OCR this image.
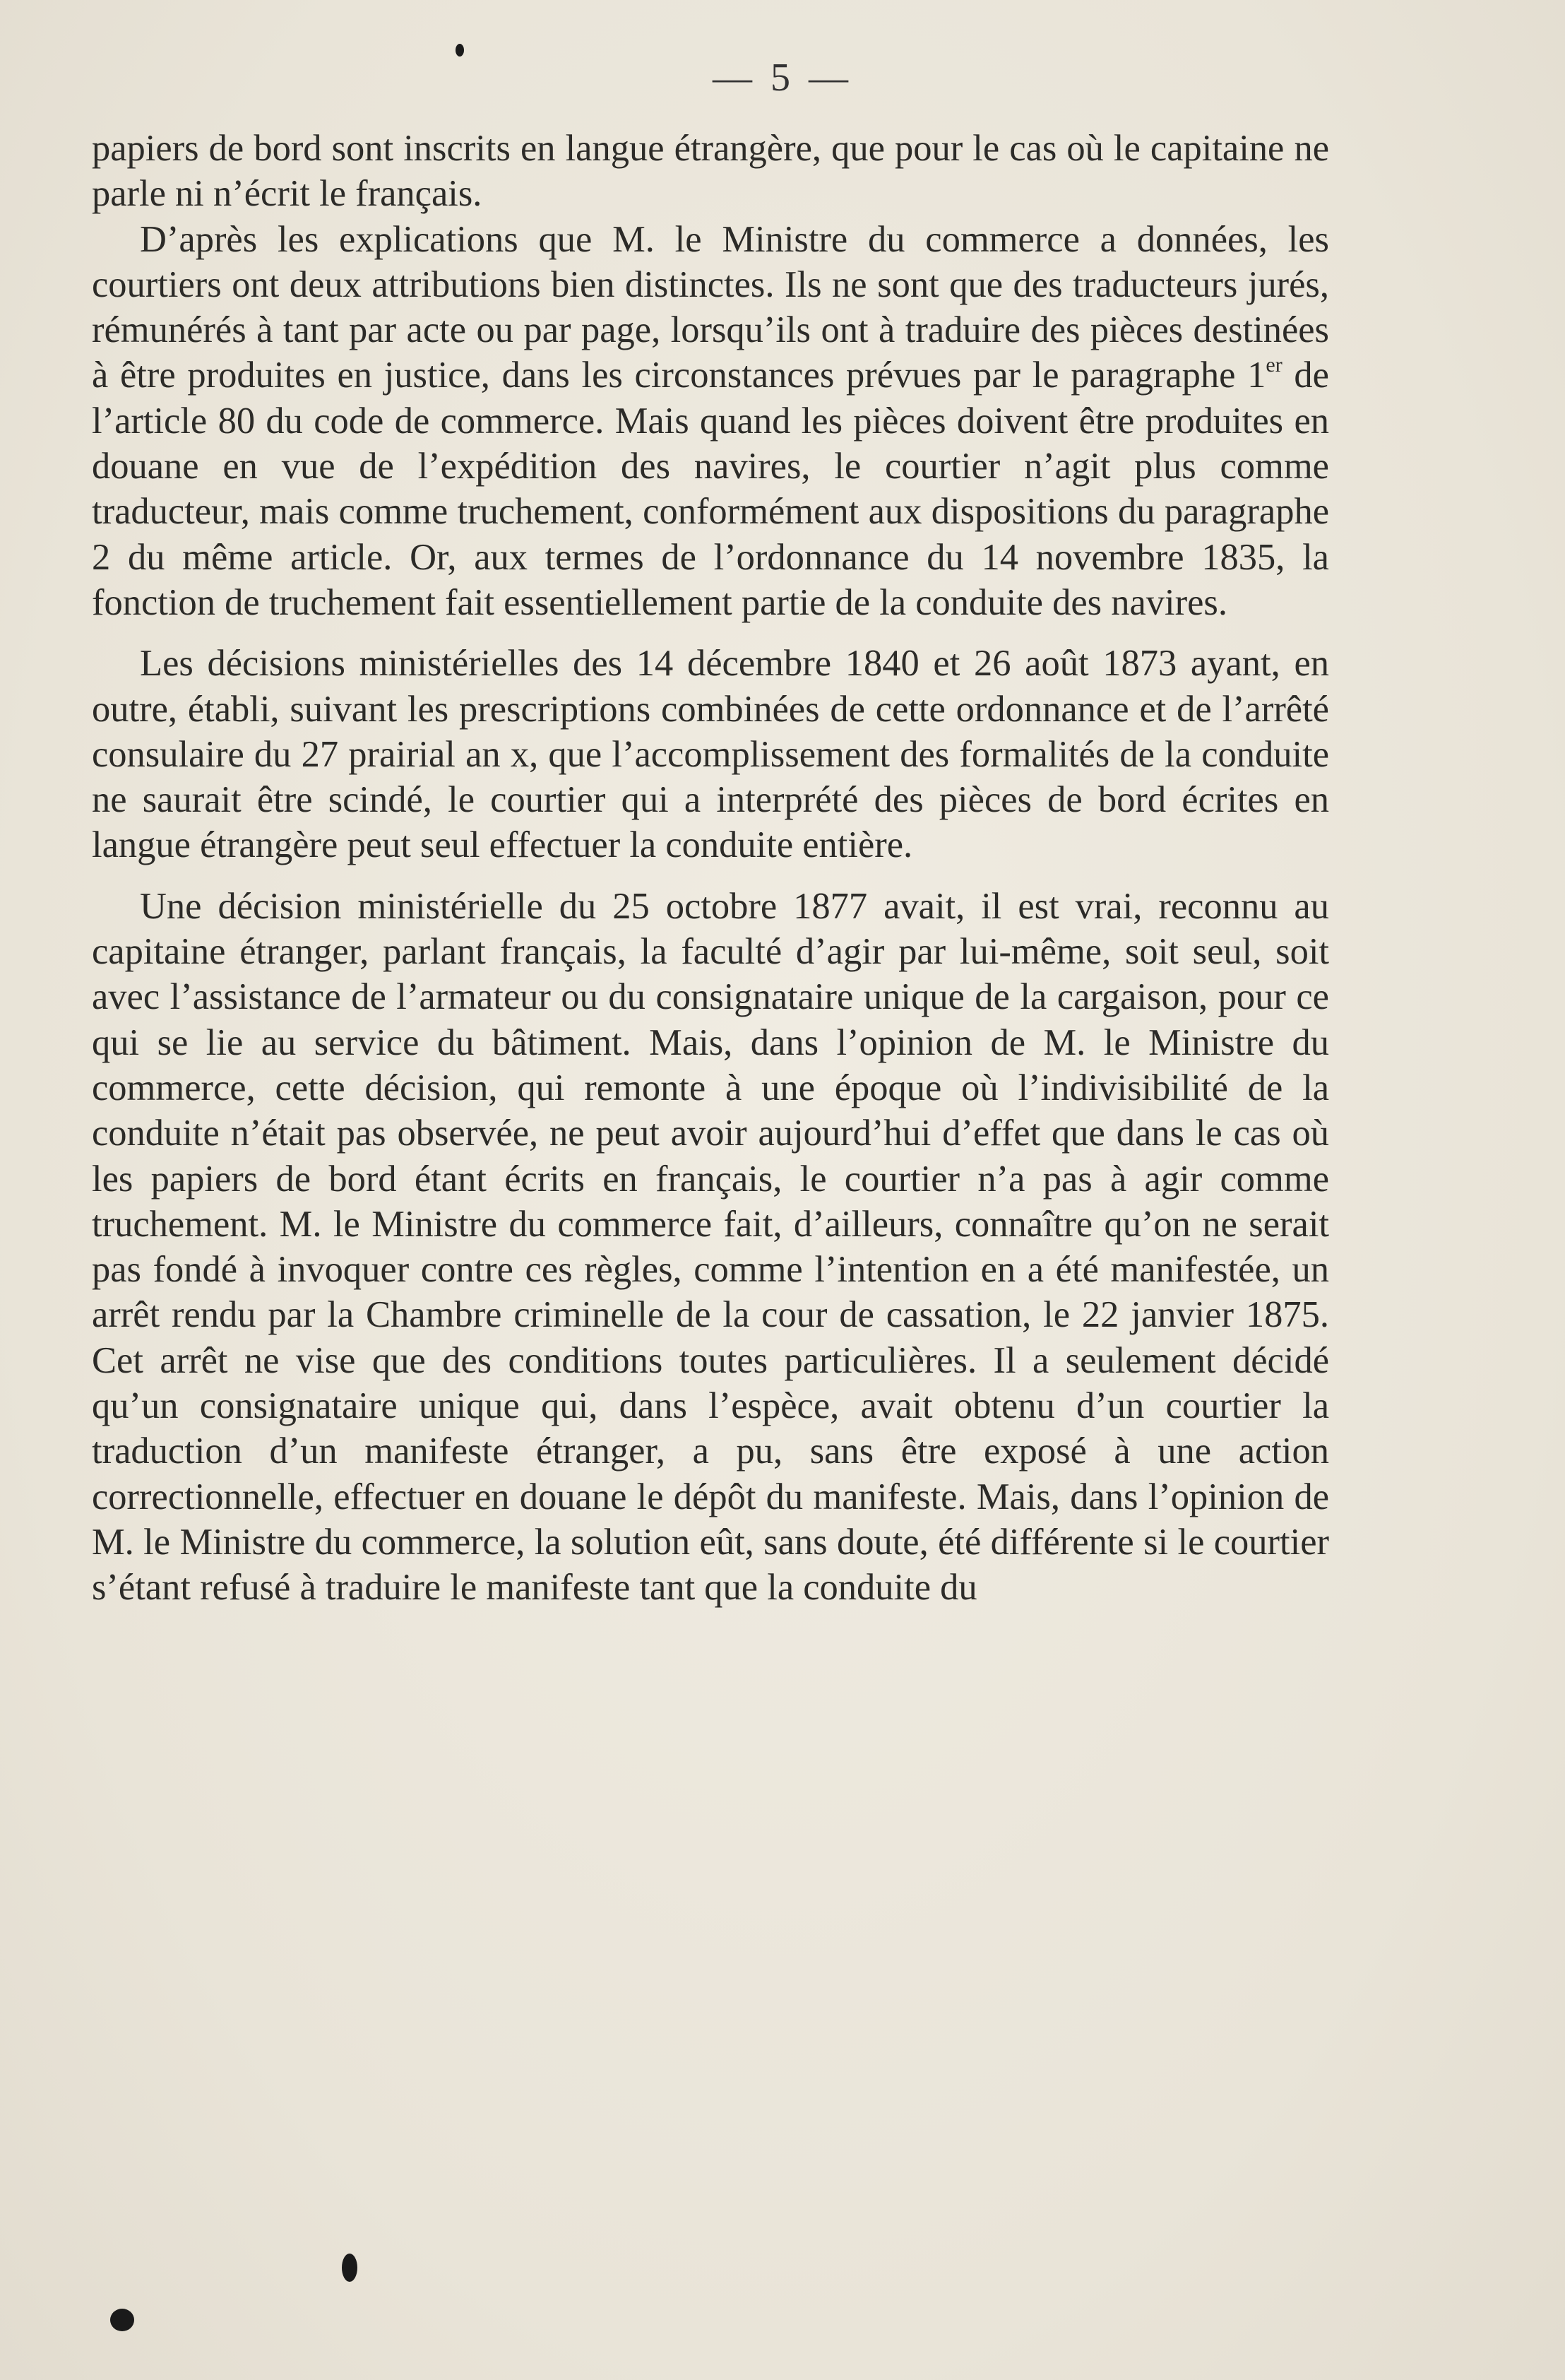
— 5 —

papiers de bord sont inscrits en langue étrangère, que pour le cas où le capitaine ne parle ni n’écrit le français.

D’après les explications que M. le Ministre du commerce a données, les courtiers ont deux attributions bien distinctes. Ils ne sont que des traducteurs jurés, rémunérés à tant par acte ou par page, lorsqu’ils ont à traduire des pièces destinées à être produites en justice, dans les circonstances prévues par le paragraphe 1er de l’article 80 du code de commerce. Mais quand les pièces doivent être produites en douane en vue de l’expédition des navires, le courtier n’agit plus comme traducteur, mais comme truchement, conformément aux dispositions du paragraphe 2 du même article. Or, aux termes de l’ordonnance du 14 novembre 1835, la fonction de truchement fait essentiellement partie de la conduite des navires.

Les décisions ministérielles des 14 décembre 1840 et 26 août 1873 ayant, en outre, établi, suivant les prescriptions combinées de cette ordonnance et de l’arrêté consulaire du 27 prairial an x, que l’accomplissement des formalités de la conduite ne saurait être scindé, le courtier qui a interprété des pièces de bord écrites en langue étrangère peut seul effectuer la conduite entière.

Une décision ministérielle du 25 octobre 1877 avait, il est vrai, reconnu au capitaine étranger, parlant français, la faculté d’agir par lui-même, soit seul, soit avec l’assistance de l’armateur ou du consignataire unique de la cargaison, pour ce qui se lie au service du bâtiment. Mais, dans l’opinion de M. le Ministre du commerce, cette décision, qui remonte à une époque où l’indivisibilité de la conduite n’était pas observée, ne peut avoir aujourd’hui d’effet que dans le cas où les papiers de bord étant écrits en français, le courtier n’a pas à agir comme truchement. M. le Ministre du commerce fait, d’ailleurs, connaître qu’on ne serait pas fondé à invoquer contre ces règles, comme l’intention en a été manifestée, un arrêt rendu par la Chambre criminelle de la cour de cassation, le 22 janvier 1875. Cet arrêt ne vise que des conditions toutes particulières. Il a seulement décidé qu’un consignataire unique qui, dans l’espèce, avait obtenu d’un courtier la traduction d’un manifeste étranger, a pu, sans être exposé à une action correctionnelle, effectuer en douane le dépôt du manifeste. Mais, dans l’opinion de M. le Ministre du commerce, la solution eût, sans doute, été différente si le courtier s’étant refusé à traduire le manifeste tant que la conduite du
